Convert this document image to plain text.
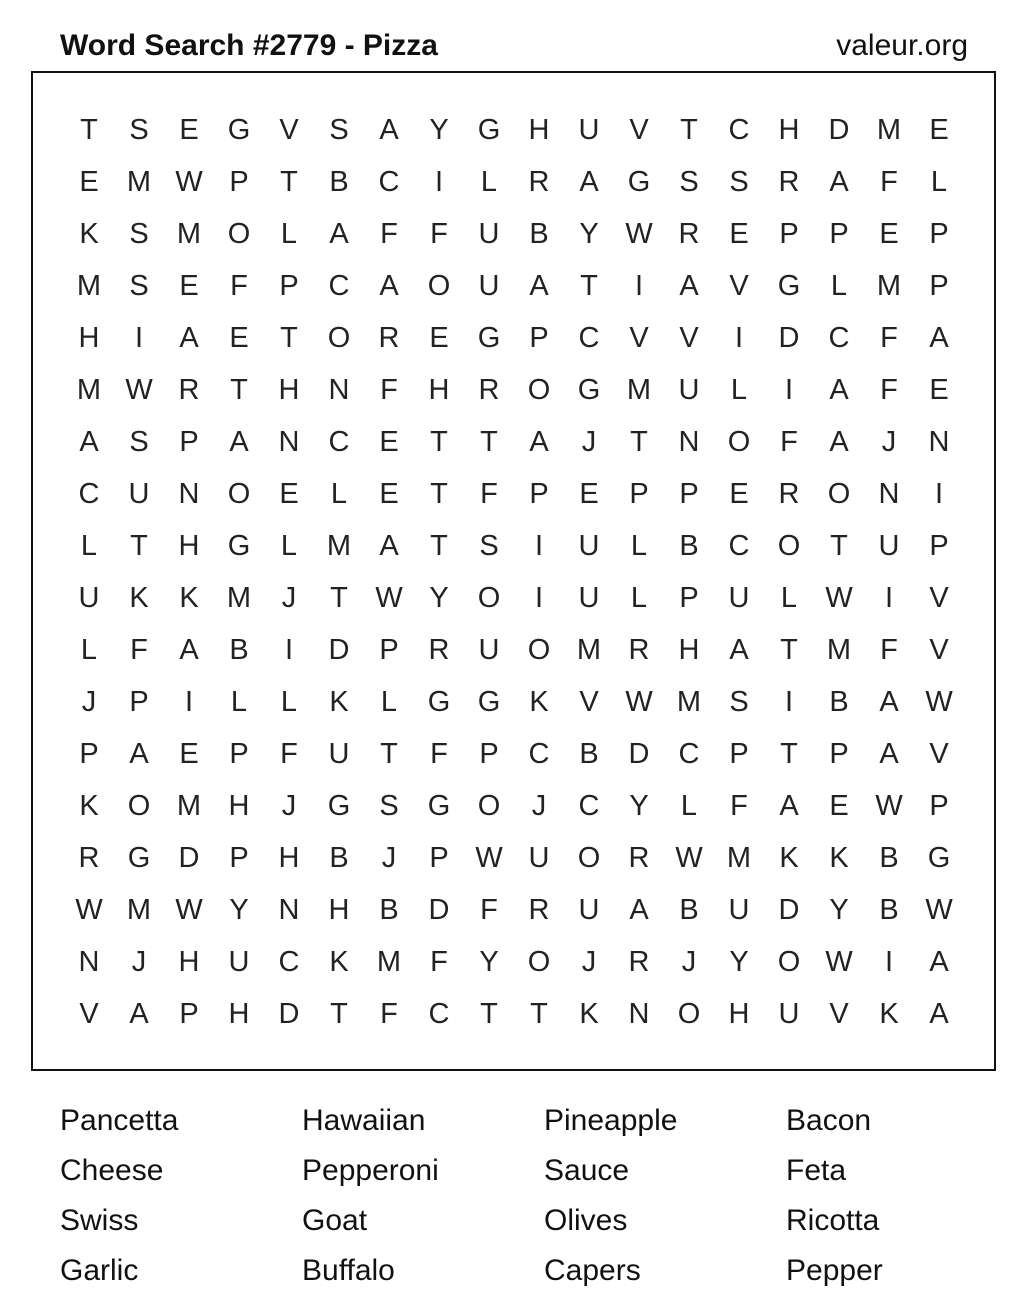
Word Search #2779 - Pizza	valeur.org
T	S	E	G	V	S	A	Y	G H	U	V	T	C	H	D M E
E M W P	T	B	C	I	L	R	A	G	S	S	R	A	F	L
K	S M O	L	A	F	F	U	B	Y W R	E	P	P	E	P
M S	E	F	P	C	A	O U	A	T	I	A	V	G	L	M P
H	I	A	E	T	O R	E	G	P	C	V	V	I	D	C	F	A
M W R	T	H	N	F	H	R O G M U	L	I	A	F	E
A	S	P	A	N	C	E	T	T	A	J	T	N O	F	A	J	N
C	U	N O	E	L	E	T	F	P	E	P	P	E	R O N	I
L	T	H G	L	M A	T	S	I	U	L	B	C O	T	U	P
U	K	K M	J	T W Y	O	I	U	L	P	U	L W	I	V
L	F	A	B	I	D	P	R	U O M R	H	A	T	M	F	V
J	P	I	L	L	K	L	G G	K	V W M S	I	B	A W
P	A	E	P	F	U	T	F	P	C	B	D	C	P	T	P	A	V
K	O M H	J	G	S	G O	J	C	Y	L	F	A	E W P
R G D	P	H	B	J	P W U O R W M K	K	B	G
W M W Y	N	H	B	D	F	R	U	A	B	U	D	Y	B W
N	J	H	U	C	K M	F	Y	O	J	R	J	Y	O W	I	A
V	A	P	H	D	T	F	C	T	T	K	N O H	U	V	K	A
Pancetta	Hawaiian	Pineapple	Bacon
Cheese	Pepperoni	Sauce	Feta
Swiss	Goat	Olives	Ricotta
Garlic	Buffalo	Capers	Pepper
